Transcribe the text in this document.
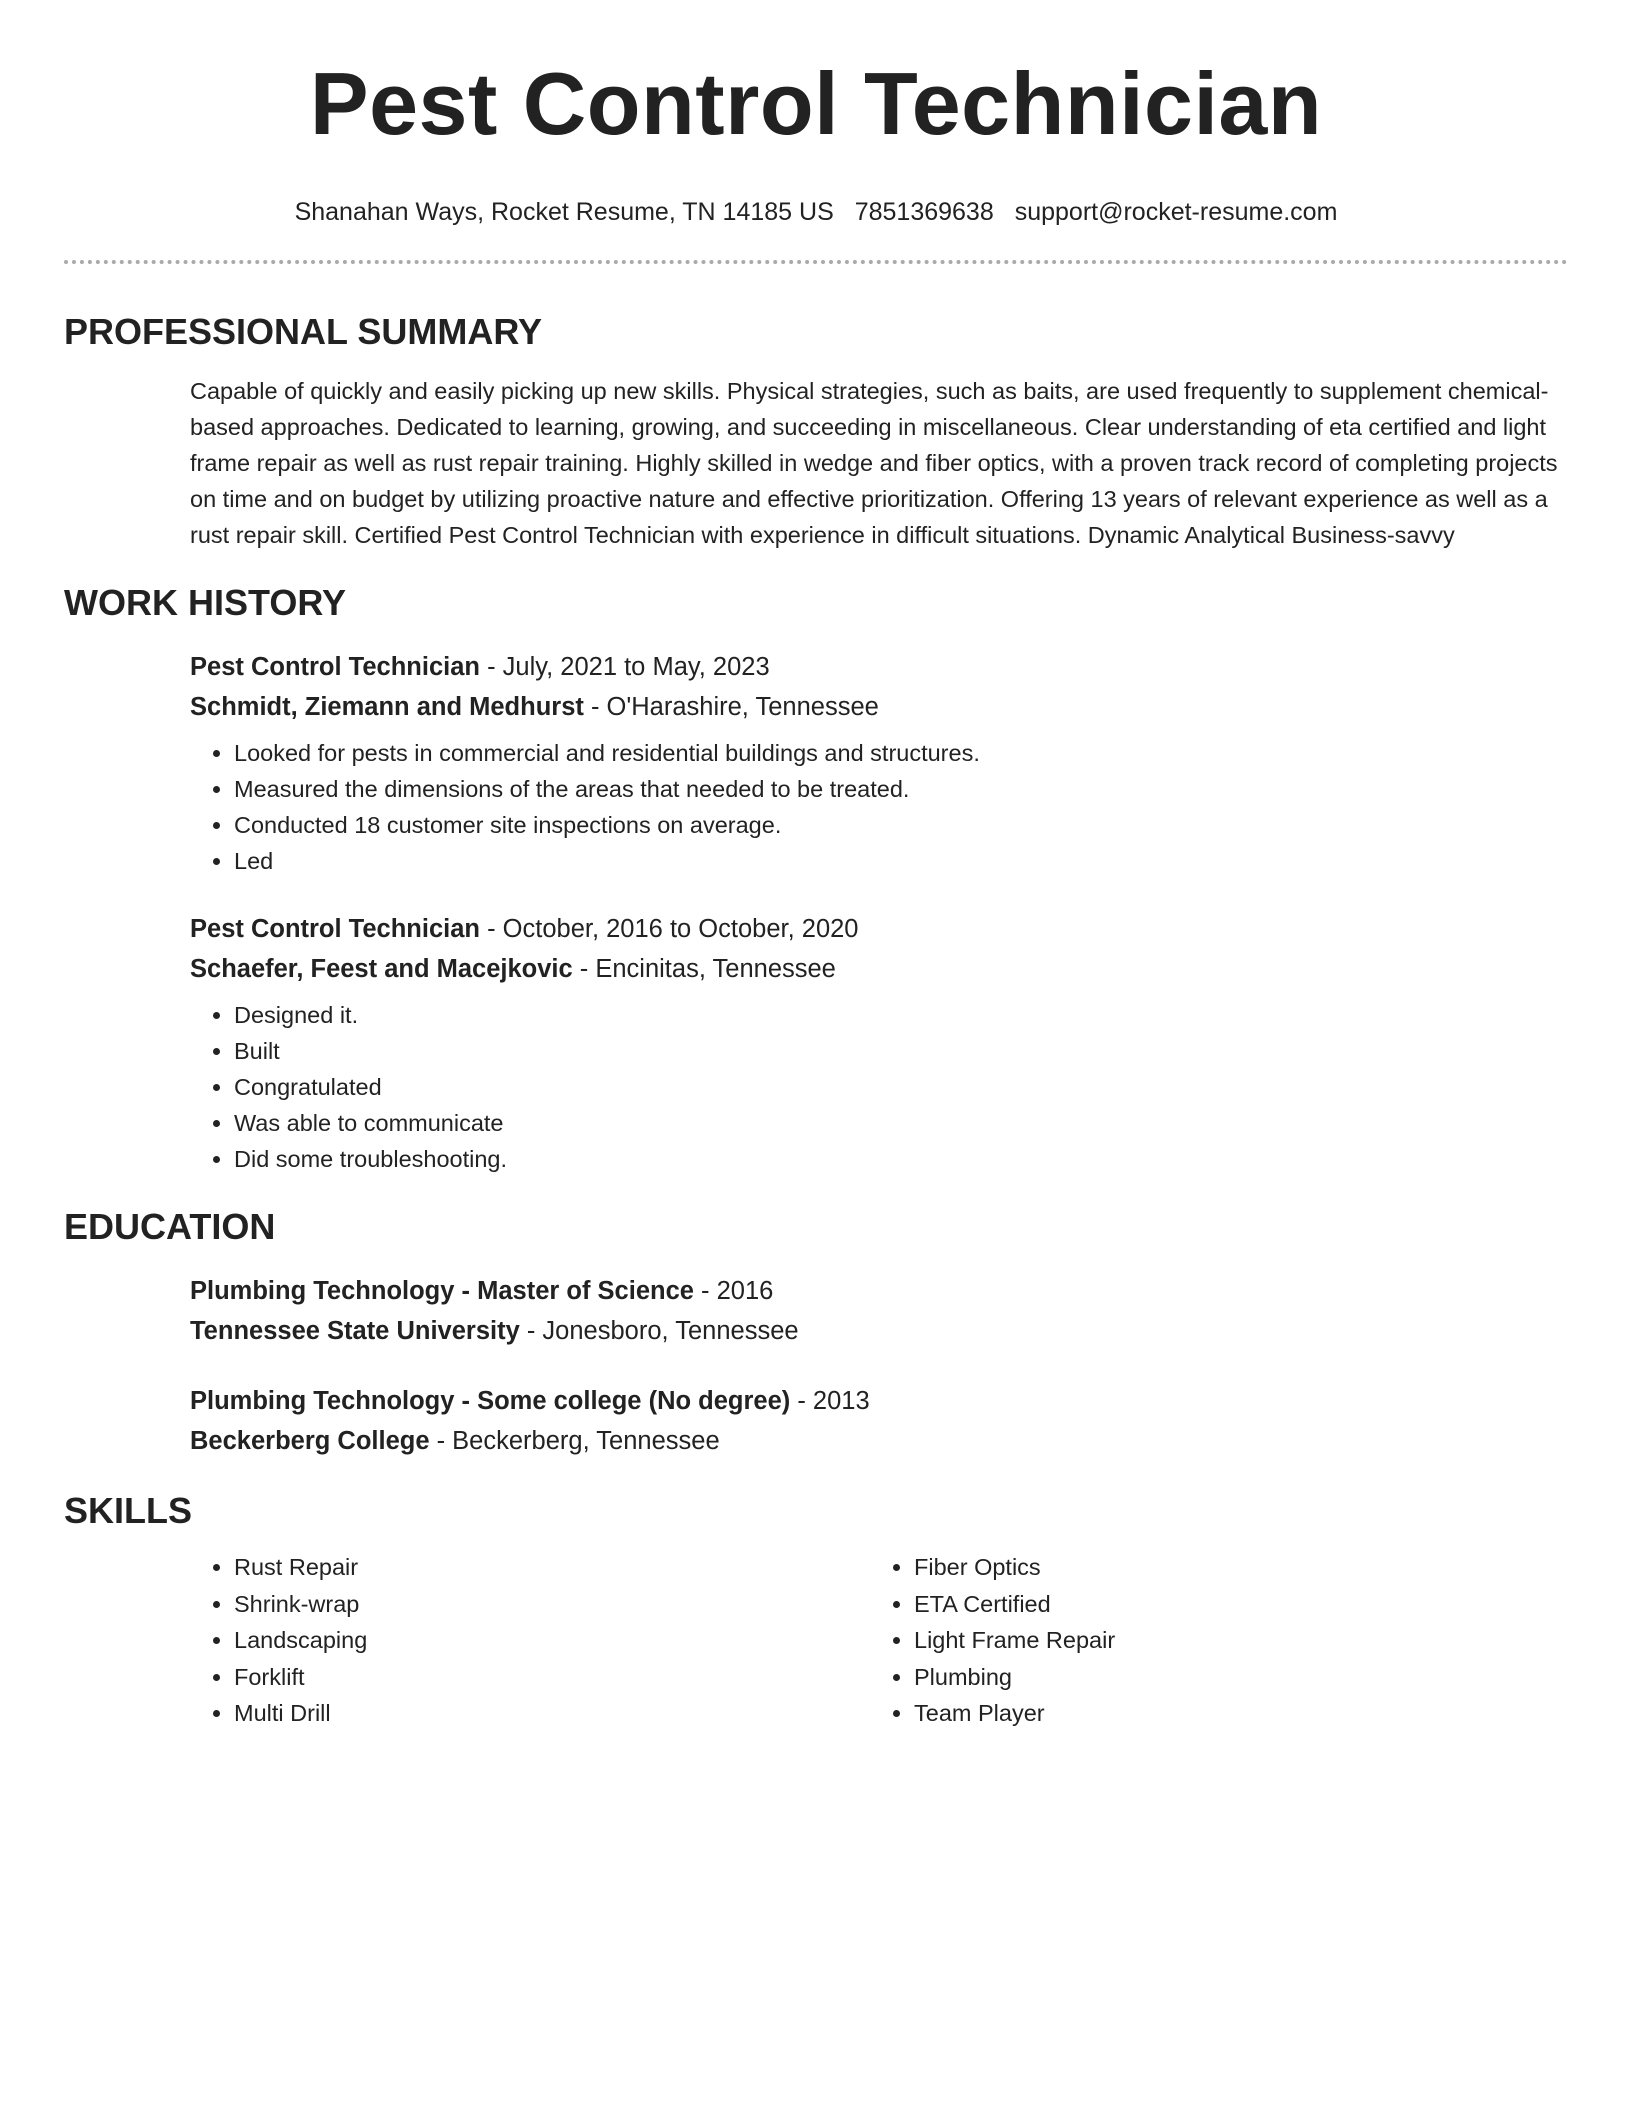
Pest Control Technician
Shanahan Ways, Rocket Resume, TN 14185 US 7851369638 support@rocket-resume.com
PROFESSIONAL SUMMARY

Capable of quickly and easily picking up new skills. Physical strategies, such as baits, are used frequently to supplement chemical-based approaches. Dedicated to learning, growing, and succeeding in miscellaneous. Clear understanding of eta certified and light frame repair as well as rust repair training. Highly skilled in wedge and fiber optics, with a proven track record of completing projects on time and on budget by utilizing proactive nature and effective prioritization. Offering 13 years of relevant experience as well as a rust repair skill. Certified Pest Control Technician with experience in difficult situations. Dynamic Analytical Business-savvy

WORK HISTORY
Pest Control Technician - July, 2021 to May, 2023
Schmidt, Ziemann and Medhurst - O'Harashire, Tennessee
• Looked for pests in commercial and residential buildings and structures.
• Measured the dimensions of the areas that needed to be treated.
• Conducted 18 customer site inspections on average.
• Led
Pest Control Technician - October, 2016 to October, 2020
Schaefer, Feest and Macejkovic - Encinitas, Tennessee
• Designed it.
• Built
• Congratulated
• Was able to communicate
• Did some troubleshooting.
EDUCATION
Plumbing Technology - Master of Science - 2016
Tennessee State University - Jonesboro, Tennessee
Plumbing Technology - Some college (No degree) - 2013
Beckerberg College - Beckerberg, Tennessee
SKILLS
• Rust Repair
• Shrink-wrap
• Landscaping
• Forklift
• Multi Drill
• Fiber Optics
• ETA Certified
• Light Frame Repair
• Plumbing
• Team Player
